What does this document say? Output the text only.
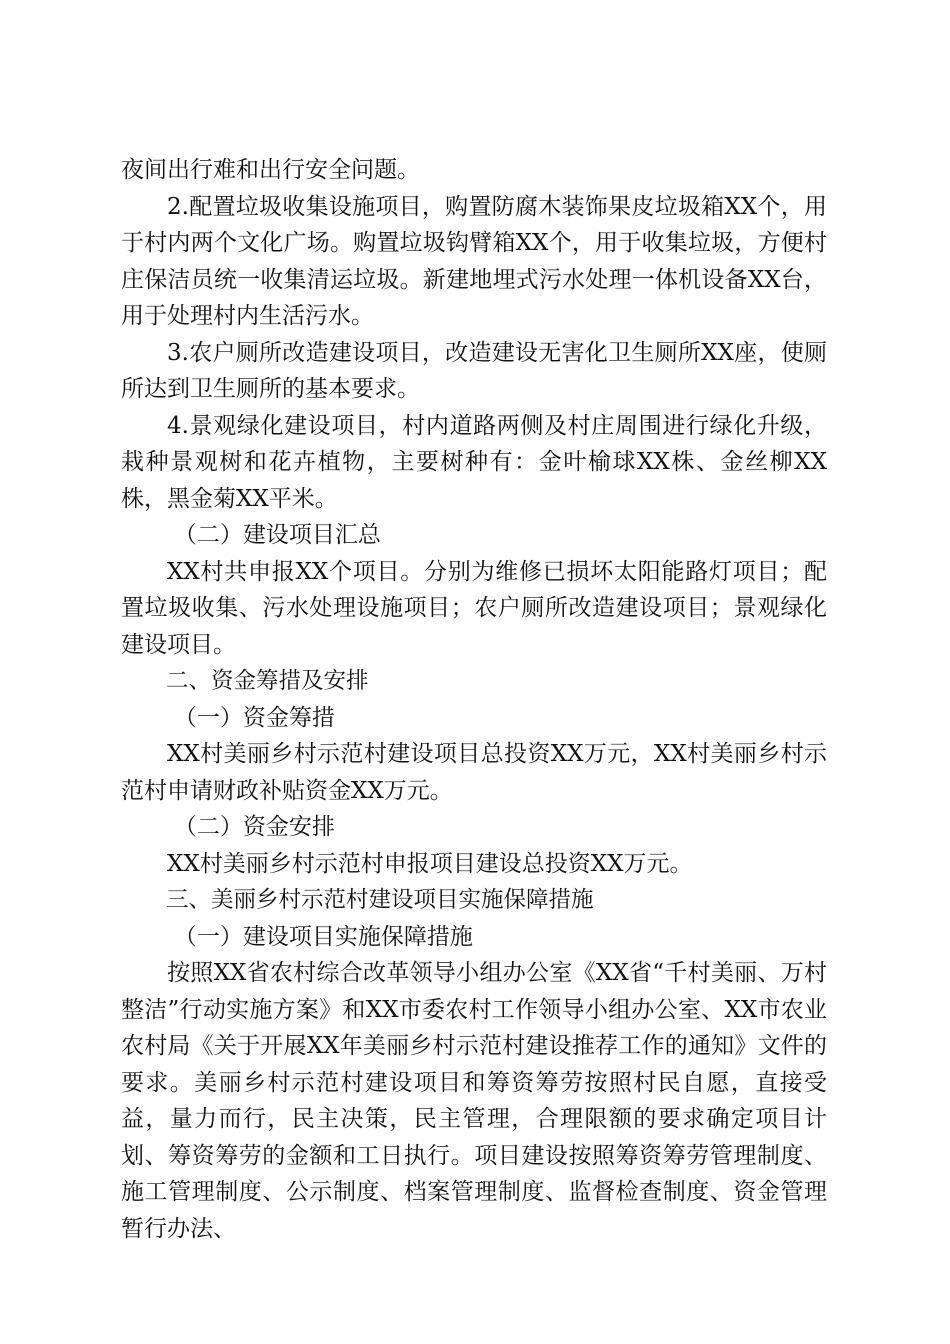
夜间出行难和出行安全问题。

2.配置垃圾收集设施项目，购置防腐木装饰果皮垃圾箱XX个，用于村内两个文化广场。购置垃圾钩臂箱XX个，用于收集垃圾，方便村庄保洁员统一收集清运垃圾。新建地埋式污水处理一体机设备XX台，用于处理村内生活污水。

3.农户厕所改造建设项目，改造建设无害化卫生厕所XX座，使厕所达到卫生厕所的基本要求。

4.景观绿化建设项目，村内道路两侧及村庄周围进行绿化升级，栽种景观树和花卉植物，主要树种有：金叶榆球XX株、金丝柳XX株，黑金菊XX平米。

（二）建设项目汇总

XX村共申报XX个项目。分别为维修已损坏太阳能路灯项目；配置垃圾收集、污水处理设施项目；农户厕所改造建设项目；景观绿化建设项目。

二、资金筹措及安排

（一）资金筹措

XX村美丽乡村示范村建设项目总投资XX万元，XX村美丽乡村示范村申请财政补贴资金XX万元。

（二）资金安排

XX村美丽乡村示范村申报项目建设总投资XX万元。

三、美丽乡村示范村建设项目实施保障措施

（一）建设项目实施保障措施

按照XX省农村综合改革领导小组办公室《XX省“千村美丽、万村整洁”行动实施方案》和XX市委农村工作领导小组办公室、XX市农业农村局《关于开展XX年美丽乡村示范村建设推荐工作的通知》文件的要求。美丽乡村示范村建设项目和筹资筹劳按照村民自愿，直接受益，量力而行，民主决策，民主管理，合理限额的要求确定项目计划、筹资筹劳的金额和工日执行。项目建设按照筹资筹劳管理制度、施工管理制度、公示制度、档案管理制度、监督检查制度、资金管理暂行办法、
